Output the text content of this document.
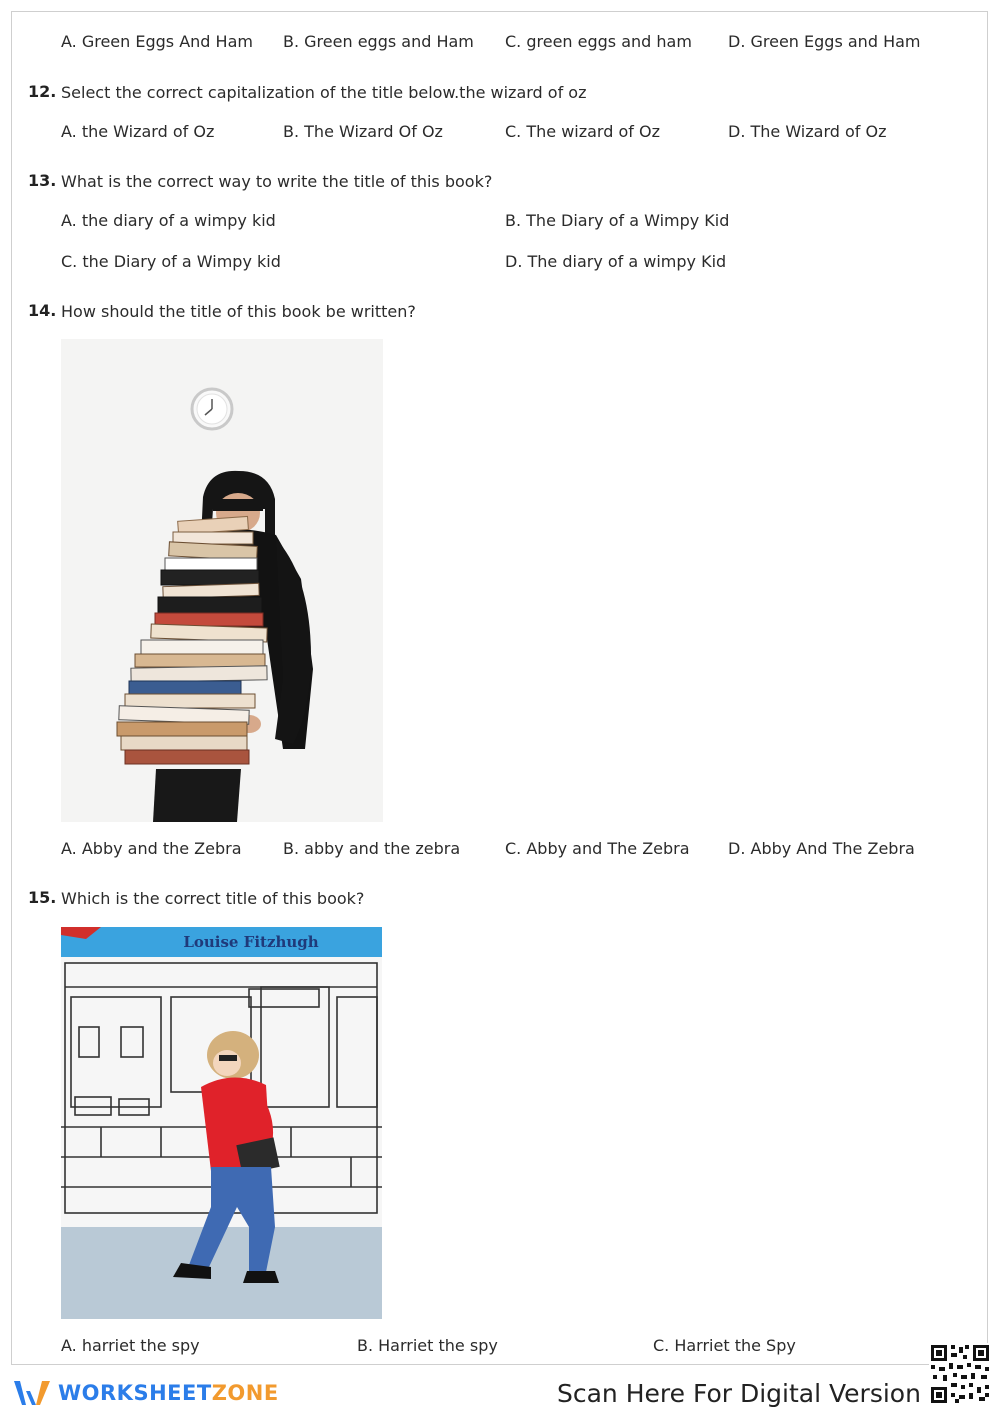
A. Green Eggs And Ham B. Green eggs and Ham C. green eggs and ham D. Green Eggs and Ham
12. Select the correct capitalization of the title below.the wizard of oz
A. the Wizard of Oz	B. The Wizard Of Oz	C. The wizard of Oz	D. The Wizard of Oz
13. What is the correct way to write the title of this book?
A. the diary of a wimpy kid	B. The Diary of a Wimpy Kid
C. the Diary of a Wimpy kid	D. The diary of a wimpy Kid
14. How should the title of this book be written?
A. Abby and the Zebra	B. abby and the zebra	C. Abby and The Zebra D. Abby And The Zebra
15. Which is the correct title of this book?
Louise Fitzhugh
A. harriet the spy	B. Harriet the spy	C. Harriet the Spy
WORKSHEETZONE	Scan Here For Digital Version
